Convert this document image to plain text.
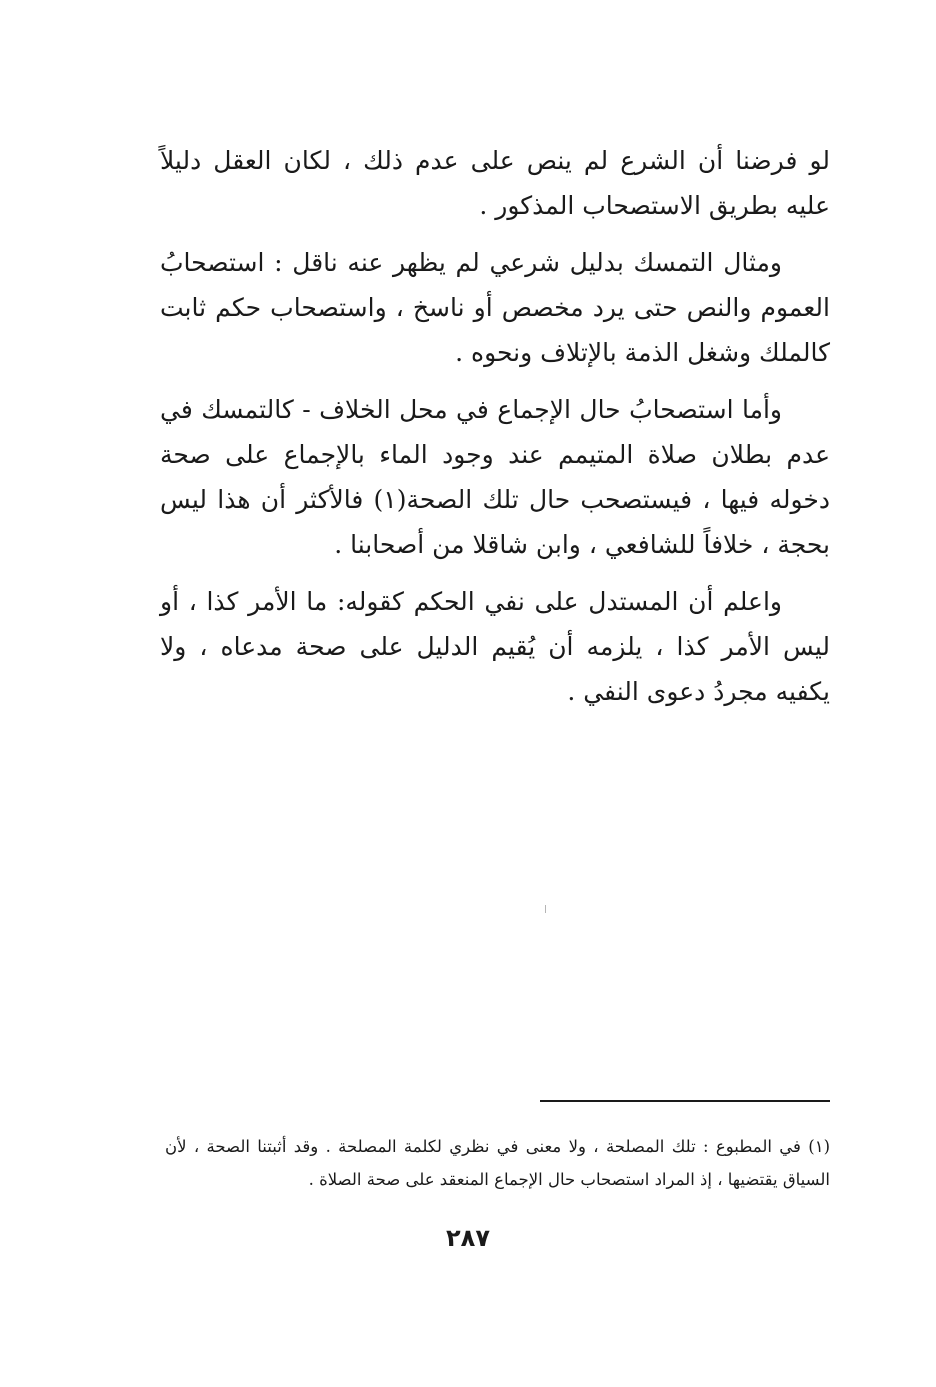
لو فرضنا أن الشرع لم ينص على عدم ذلك ، لكان العقل دليلاً عليه بطريق الاستصحاب المذكور .

ومثال التمسك بدليل شرعي لم يظهر عنه ناقل : استصحابُ العموم والنص حتى يرد مخصص أو ناسخ ، واستصحاب حكم ثابت كالملك وشغل الذمة بالإتلاف ونحوه .

وأما استصحابُ حال الإجماع في محل الخلاف - كالتمسك في عدم بطلان صلاة المتيمم عند وجود الماء بالإجماع على صحة دخوله فيها ، فيستصحب حال تلك الصحة(١) فالأكثر أن هذا ليس بحجة ، خلافاً للشافعي ، وابن شاقلا من أصحابنا .

واعلم أن المستدل على نفي الحكم كقوله: ما الأمر كذا ، أو ليس الأمر كذا ، يلزمه أن يُقيم الدليل على صحة مدعاه ، ولا يكفيه مجردُ دعوى النفي .

(١) في المطبوع : تلك المصلحة ، ولا معنى في نظري لكلمة المصلحة . وقد أثبتنا الصحة ، لأن السياق يقتضيها ، إذ المراد استصحاب حال الإجماع المنعقد على صحة الصلاة .
٢٨٧
